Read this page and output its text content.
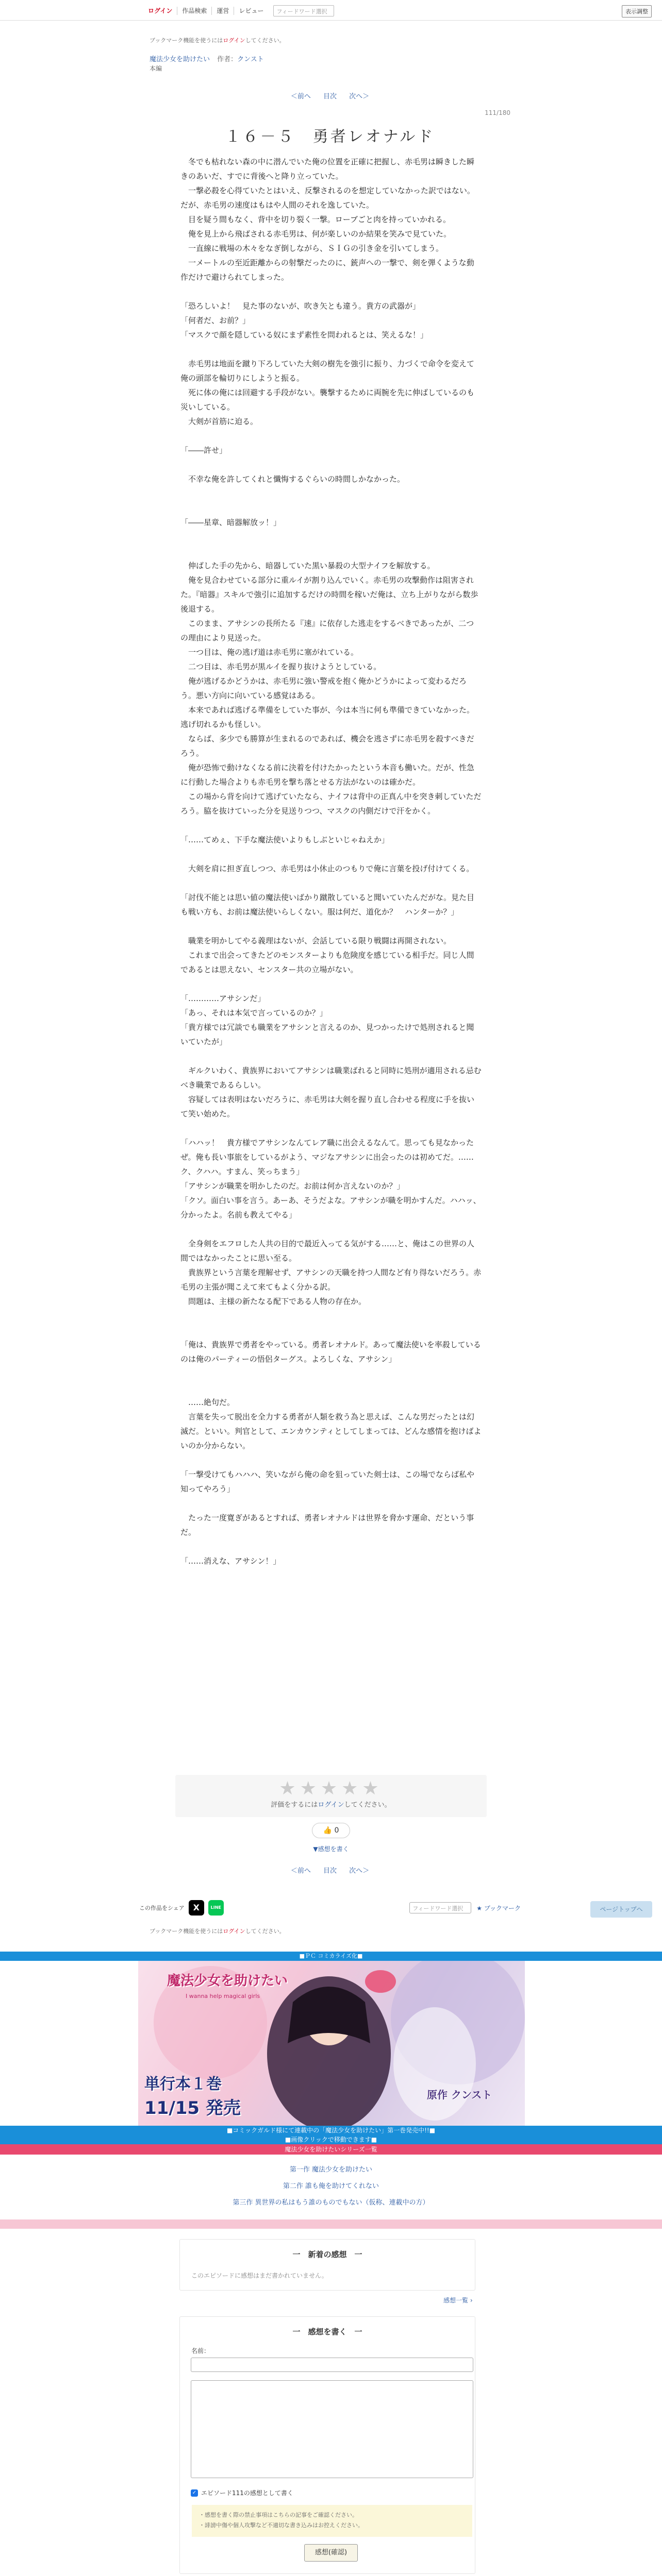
ログイン	作品検索	運営	レビュー	フィードワード選択	表示調整
ブックマーク機能を使うにはログインしてください。
魔法少女を助けたい 作者：クンスト
本編
＜前へ 目次 次へ＞
111/180
１６－５　勇者レオナルド

　冬でも枯れない森の中に潜んでいた俺の位置を正確に把握し、赤毛男は瞬きした瞬

きのあいだ、すでに背後へと降り立っていた。

　一撃必殺を心得ていたとはいえ、反撃されるのを想定していなかった訳ではない。だが、赤毛男の速度はもはや人間のそれを逸していた。

　目を疑う間もなく、背中を切り裂く一撃。ローブごと肉を持っていかれる。

　俺を見上から飛ばされる赤毛男は、何が楽しいのか結果を笑みで見ていた。

　一直線に戦場の木々をなぎ倒しながら、ＳＩＧの引き金を引いてしまう。

　一メートルの至近距離からの射撃だったのに、銃声への一撃で、剣を弾くような動作だけで避けられてしまった。

「恐ろしいよ！　見た事のないが、吹き矢とも違う。貴方の武器が」

「何者だ、お前？」

「マスクで顔を隠している奴にまず素性を問われるとは、笑えるな！」

　赤毛男は地面を蹴り下ろしていた大剣の樹先を強引に振り、力づくで命令を変えて俺の頭部を輪切りにしようと振る。

　死に体の俺には回避する手段がない。襲撃するために両腕を先に伸ばしているのも災いしている。

　大剣が首筋に迫る。

「――許せ」

　不幸な俺を許してくれと懺悔するぐらいの時間しかなかった。

「――星章、暗器解放ッ！」

　伸ばした手の先から、暗器していた黒い暴殺の大型ナイフを解放する。

　俺を見合わせている部分に重ルイが割り込んでいく。赤毛男の攻撃動作は阻害された。『暗器』スキルで強引に追加するだけの時間を稼いだ俺は、立ち上がりながら数歩後退する。

　このまま、アサシンの長所たる『速』に依存した逃走をするべきであったが、二つの理由により見送った。

　一つ目は、俺の逃げ道は赤毛男に塞がれている。

　二つ目は、赤毛男が黒ルイを握り抜けようとしている。

　俺が逃げるかどうかは、赤毛男に強い警戒を抱く俺かどうかによって変わるだろう。悪い方向に向いている感覚はある。

　本来であれば逃げる準備をしていた事が、今は本当に何も準備できていなかった。逃げ切れるかも怪しい。

　ならば、多少でも勝算が生まれるのであれば、機会を逃さずに赤毛男を殺すべきだろう。

　俺が恐怖で動けなくなる前に決着を付けたかったという本音も働いた。だが、性急に行動した場合よりも赤毛男を撃ち落とせる方法がないのは確かだ。

　この場から背を向けて逃げていたなら、ナイフは背中の正真ん中を突き刺していただろう。脇を抜けていった分を見送りつつ、マスクの内側だけで汗をかく。

「……てめぇ、下手な魔法使いよりもしぶといじゃねえか」

　大剣を肩に担ぎ直しつつ、赤毛男は小休止のつもりで俺に言葉を投げ付けてくる。

「討伐不能とは思い値の魔法使いばかり蹴散していると聞いていたんだがな。見た目も戦い方も、お前は魔法使いらしくない。服は何だ、道化か？　ハンターか？」

　職業を明かしてやる義理はないが、会話している限り戦闘は再開されない。

　これまで出会ってきたどのモンスターよりも危険度を感じている相手だ。同じ人間であるとは思えない、センスター共の立場がない。

「…………アサシンだ」

「あっ、それは本気で言っているのか？」

「貴方様では冗談でも職業をアサシンと言えるのか、見つかったけで処刑されると聞いていたが」

　ギルクいわく、貴族界においてアサシンは職業ばれると同時に処刑が適用される忌むべき職業であるらしい。

　容疑しては表明はないだろうに、赤毛男は大剣を握り直し合わせる程度に手を抜いて笑い始めた。

「ハハッ！　貴方様でアサシンなんてレア職に出会えるなんて。思っても見なかったぜ。俺も長い事旅をしているがよう、マジなアサシンに出会ったのは初めてだ。……ク、クハハ。すまん、笑っちまう」

「アサシンが職業を明かしたのだ。お前は何か言えないのか？」

「クソ。面白い事を言う。あーあ、そうだよな。アサシンが職を明かすんだ。ハハッ、分かったよ。名前も教えてやる」

　全身剣をエフロした人共の目的で最近入ってる気がする……と、俺はこの世界の人間ではなかったことに思い至る。

　貴族界という言葉を理解せず、アサシンの天職を持つ人間など有り得ないだろう。赤毛男の主張が聞こえて来てもよく分かる訳。

　問題は、主様の新たなる配下である人物の存在か。

「俺は、貴族界で勇者をやっている。勇者レオナルド。あって魔法使いを率殺しているのは俺のパーティーの悟侶ターグス。よろしくな、アサシン」

　……絶句だ。

　言葉を失って脱出を全力する勇者が人類を救う為と思えば、こんな男だったとは幻滅だ。といい。判官として、エンカウンティとしてしまっては、どんな感情を抱けばよいのか分からない。

「一撃受けてもハハハ、笑いながら俺の命を狙っていた剣士は、この場でならば私や知ってやろう」

　たった一度寛ぎがあるとすれば、勇者レオナルドは世界を脅かす運命、だという事だ。

「……消えな、アサシン！」

★★★★★
評価をするにはログインしてください。
👍 0
▼感想を書く
＜前へ 目次 次へ＞
この作品をシェア	X	LINE	フィードワード選択	★ ブックマーク	ページトップへ
ブックマーク機能を使うにはログインしてください。
■ＰＣ コミカライズ化■
魔法少女を助けたい
I wanna help magical girls
単行本１巻
11/15 発売
原作 クンスト
■コミックガルド様にて連載中の「魔法少女を助けたい」第一巻発売中!!■
■画像クリックで移動できます■
魔法少女を助けたいシリーズ一覧
第一作 魔法少女を助けたい
第二作 誰も俺を助けてくれない
第三作 異世界の私はもう誰のものでもない（仮称、連載中の方）
一　新着の感想　一
このエピソードに感想はまだ書かれていません。
感想一覧 ›
一　感想を書く　一
名前：
✓ エピソード111の感想として書く
・感想を書く際の禁止事項はこちらの記事をご確認ください。
・誹謗中傷や個人攻撃など不適切な書き込みはお控えください。
感想(確認)
